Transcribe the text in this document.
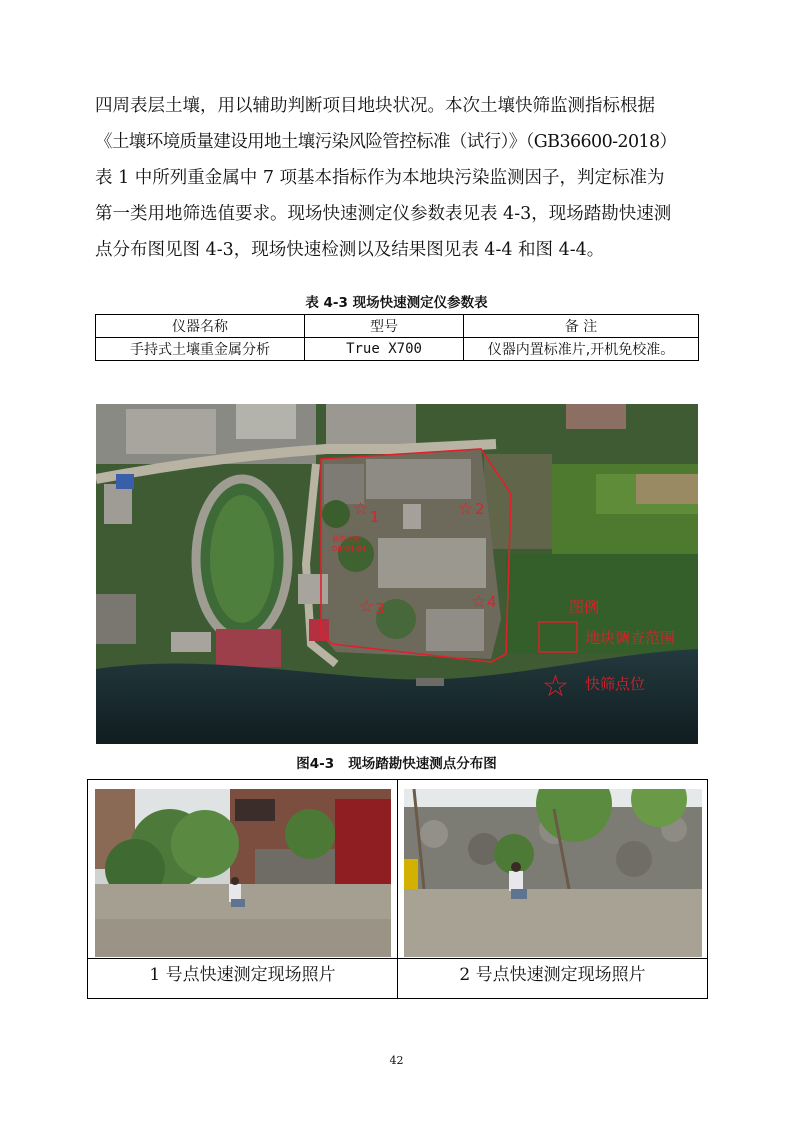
四周表层土壤，用以辅助判断项目地块状况。本次土壤快筛监测指标根据

《土壤环境质量建设用地土壤污染风险管控标准（试行）》（GB36600-2018）

表 1 中所列重金属中 7 项基本指标作为本地块污染监测因子，判定标准为

第一类用地筛选值要求。现场快速测定仪参数表见表 4-3，现场踏勘快速测

点分布图见图 4-3，现场快速检测以及结果图见表 4-4 和图 4-4。

表 4-3 现场快速测定仪参数表
仪器名称	型号	备 注
手持式土壤重金属分析	True X700	仪器内置标准片,开机免校准。
调查地块
DJK-21-04
☆ 1	☆ 2
☆ 3	☆ 4	图例
地块调查范围
☆ 快筛点位
图4-3   现场踏勘快速测点分布图
1 号点快速测定现场照片	2 号点快速测定现场照片
42
